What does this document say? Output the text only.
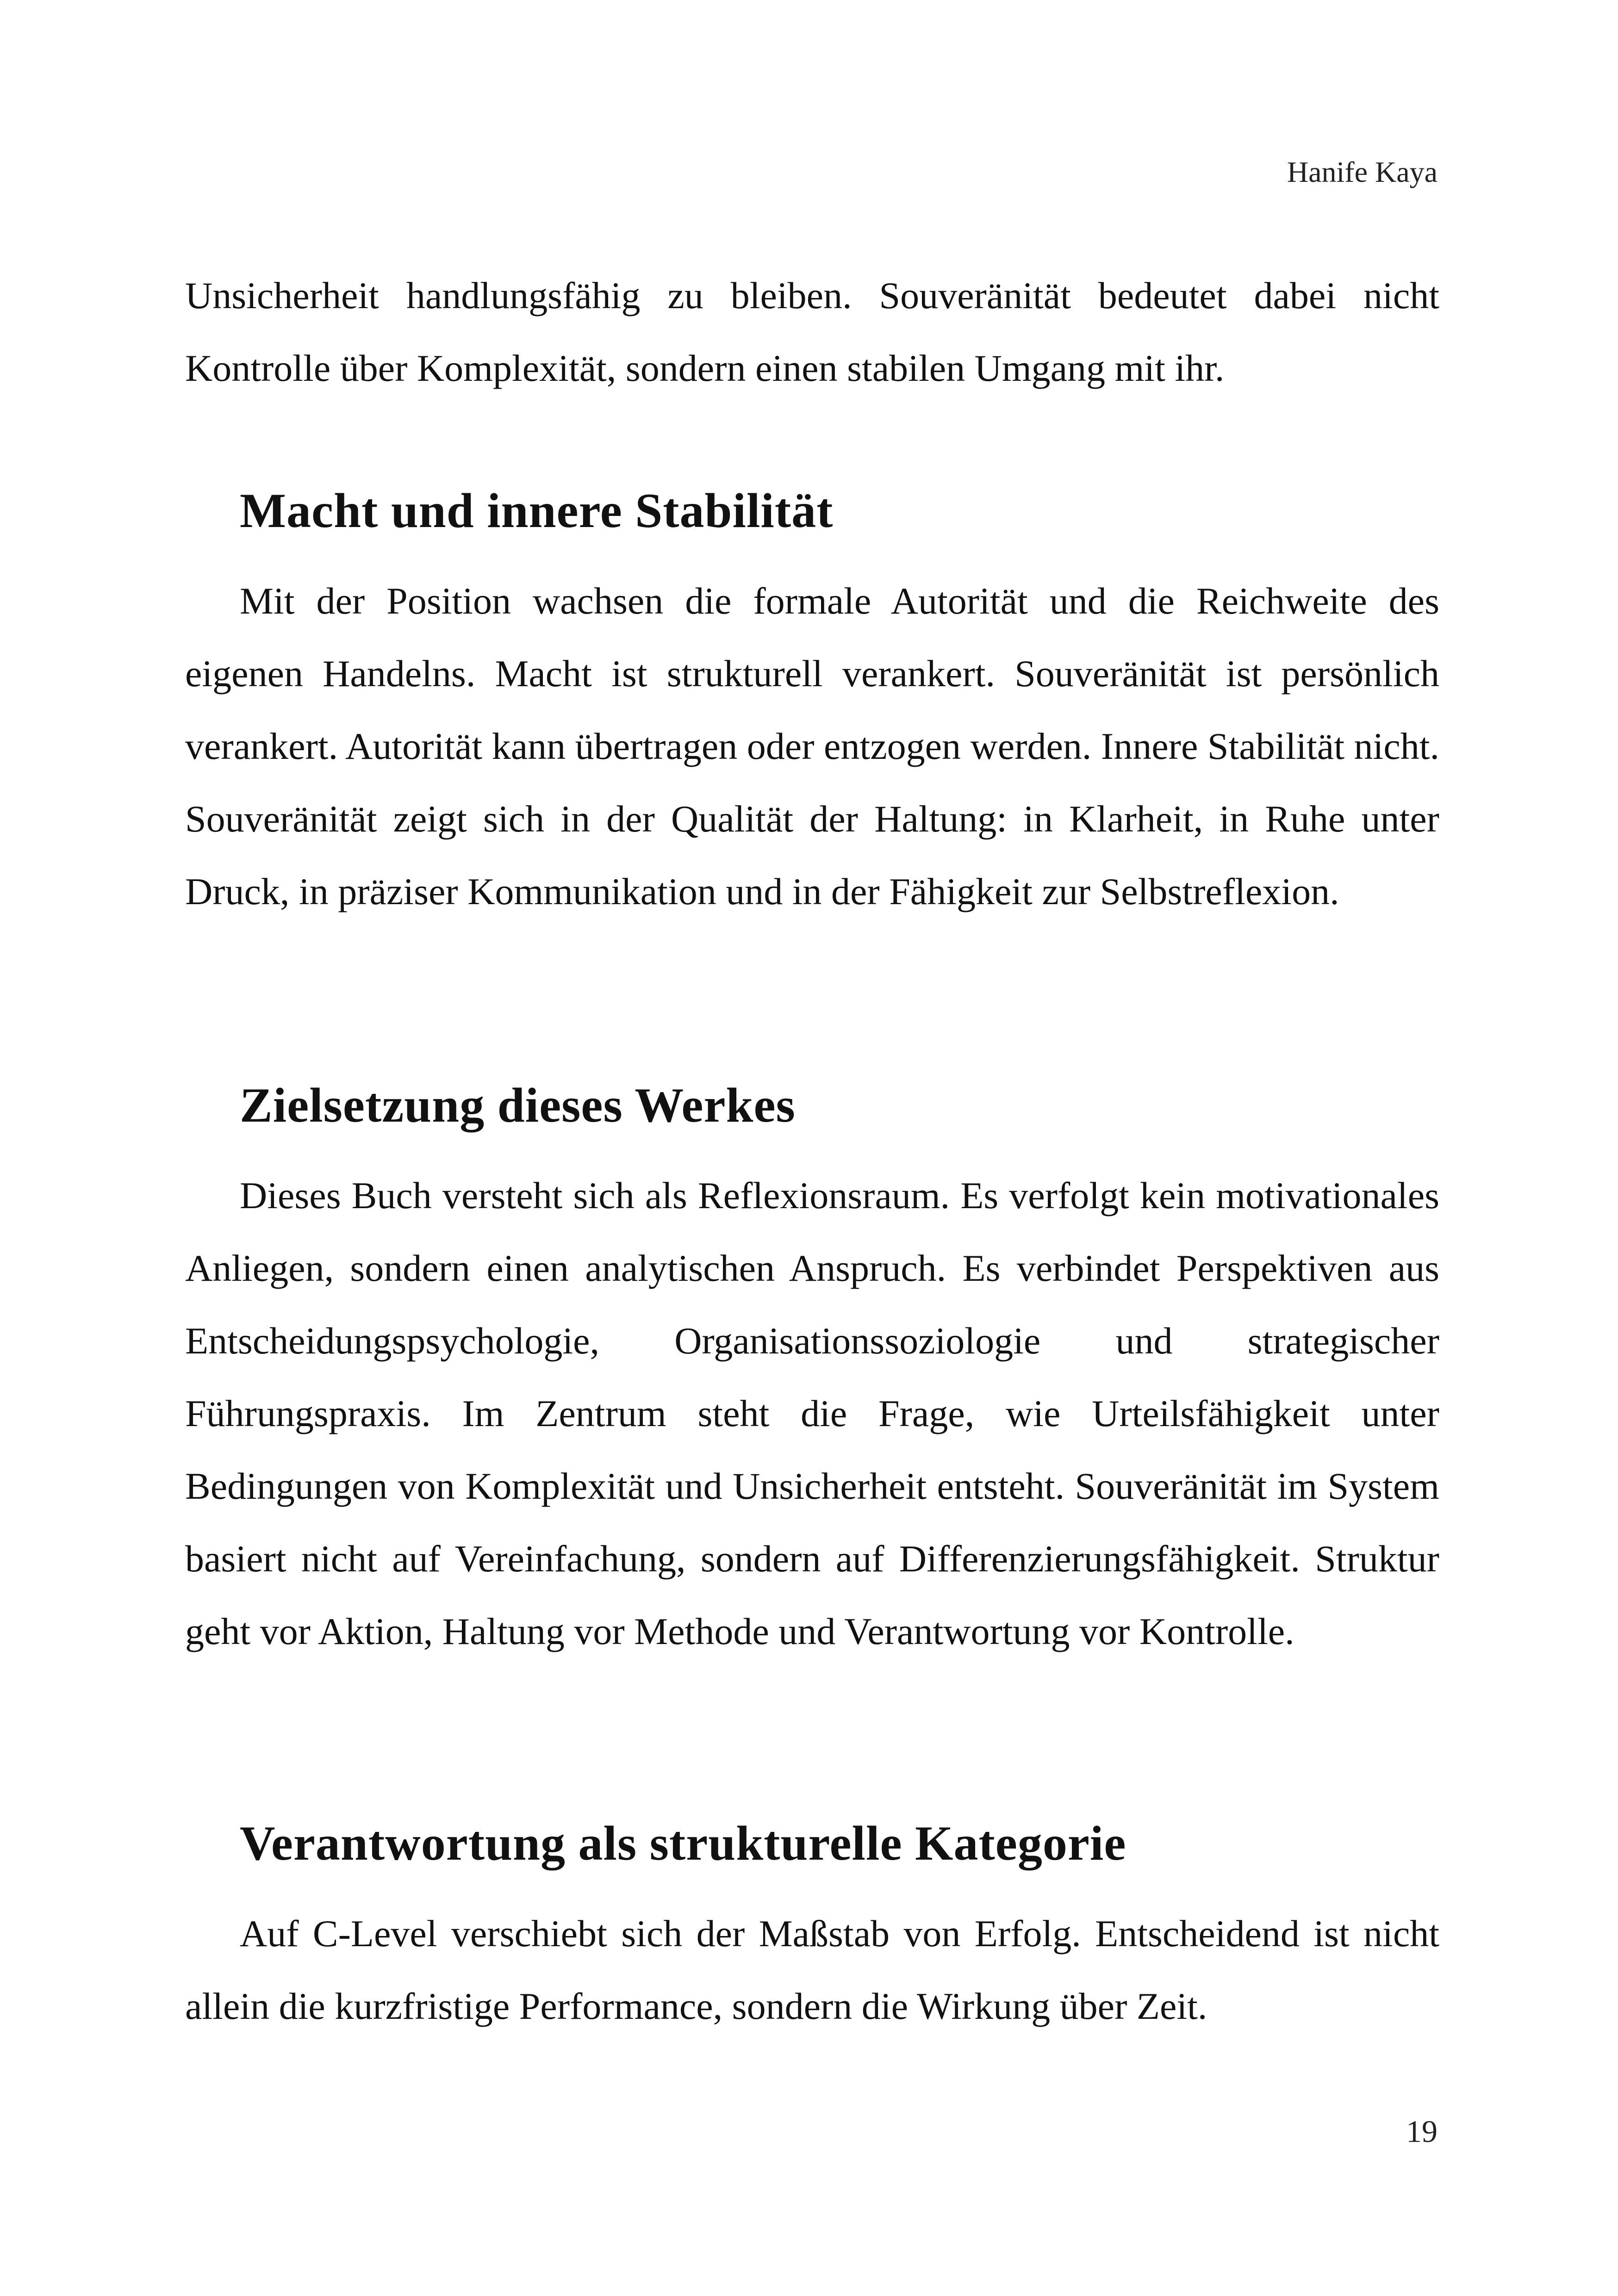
Hanife Kaya

Unsicherheit handlungsfähig zu bleiben. Souveränität bedeutet dabei nicht Kontrolle über Komplexität, sondern einen stabilen Umgang mit ihr.

Macht und innere Stabilität

Mit der Position wachsen die formale Autorität und die Reichweite des eigenen Handelns. Macht ist strukturell verankert. Souveränität ist persönlich verankert. Autorität kann übertragen oder entzogen werden. Innere Stabilität nicht. Souveränität zeigt sich in der Qualität der Haltung: in Klarheit, in Ruhe unter Druck, in präziser Kommunikation und in der Fähigkeit zur Selbstreflexion.

Zielsetzung dieses Werkes

Dieses Buch versteht sich als Reflexionsraum. Es verfolgt kein motivationales Anliegen, sondern einen analytischen Anspruch. Es verbindet Perspektiven aus Entscheidungspsychologie, Organisationssoziologie und strategischer Führungspraxis. Im Zentrum steht die Frage, wie Urteilsfähigkeit unter Bedingungen von Komplexität und Unsicherheit entsteht. Souveränität im System basiert nicht auf Vereinfachung, sondern auf Differenzierungsfähigkeit. Struktur geht vor Aktion, Haltung vor Methode und Verantwortung vor Kontrolle.

Verantwortung als strukturelle Kategorie

Auf C-Level verschiebt sich der Maßstab von Erfolg. Entscheidend ist nicht allein die kurzfristige Performance, sondern die Wirkung über Zeit.

19
